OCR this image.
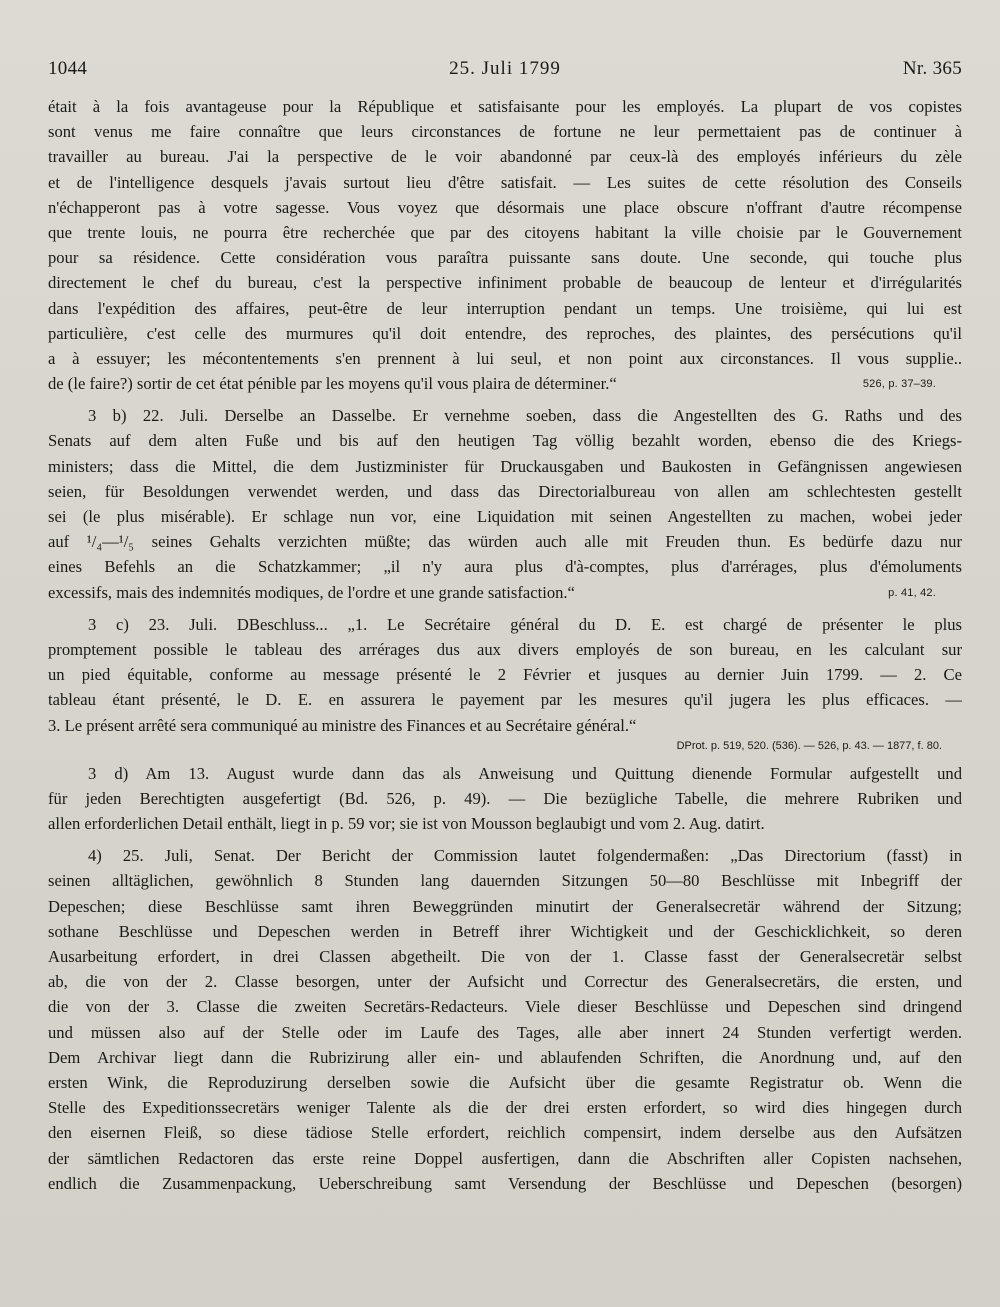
1044	25. Juli 1799	Nr. 365
était à la fois avantageuse pour la République et satisfaisante pour les employés. La plupart de vos copistes
sont venus me faire connaître que leurs circonstances de fortune ne leur permettaient pas de continuer à
travailler au bureau. J'ai la perspective de le voir abandonné par ceux-là des employés inférieurs du zèle
et de l'intelligence desquels j'avais surtout lieu d'être satisfait. — Les suites de cette résolution des Conseils
n'échapperont pas à votre sagesse. Vous voyez que désormais une place obscure n'offrant d'autre récompense
que trente louis, ne pourra être recherchée que par des citoyens habitant la ville choisie par le Gouvernement
pour sa résidence. Cette considération vous paraîtra puissante sans doute. Une seconde, qui touche plus
directement le chef du bureau, c'est la perspective infiniment probable de beaucoup de lenteur et d'irrégularités
dans l'expédition des affaires, peut-être de leur interruption pendant un temps. Une troisième, qui lui est
particulière, c'est celle des murmures qu'il doit entendre, des reproches, des plaintes, des persécutions qu'il
a à essuyer; les mécontentements s'en prennent à lui seul, et non point aux circonstances. Il vous supplie..
de (le faire?) sortir de cet état pénible par les moyens qu'il vous plaira de déterminer.“	526, p. 37–39.
3 b) 22. Juli. Derselbe an Dasselbe. Er vernehme soeben, dass die Angestellten des G. Raths und des
Senats auf dem alten Fuße und bis auf den heutigen Tag völlig bezahlt worden, ebenso die des Kriegs-
ministers; dass die Mittel, die dem Justizminister für Druckausgaben und Baukosten in Gefängnissen angewiesen
seien, für Besoldungen verwendet werden, und dass das Directorialbureau von allen am schlechtesten gestellt
sei (le plus misérable). Er schlage nun vor, eine Liquidation mit seinen Angestellten zu machen, wobei jeder
auf ¹/₄—¹/₅ seines Gehalts verzichten müßte; das würden auch alle mit Freuden thun. Es bedürfe dazu nur
eines Befehls an die Schatzkammer; „il n'y aura plus d'à-comptes, plus d'arrérages, plus d'émoluments
excessifs, mais des indemnités modiques, de l'ordre et une grande satisfaction.“	p. 41, 42.
3 c) 23. Juli. DBeschluss... „1. Le Secrétaire général du D. E. est chargé de présenter le plus
promptement possible le tableau des arrérages dus aux divers employés de son bureau, en les calculant sur
un pied équitable, conforme au message présenté le 2 Février et jusques au dernier Juin 1799. — 2. Ce
tableau étant présenté, le D. E. en assurera le payement par les mesures qu'il jugera les plus efficaces. —
3. Le présent arrêté sera communiqué au ministre des Finances et au Secrétaire général.“
DProt. p. 519, 520. (536). — 526, p. 43. — 1877, f. 80.
3 d) Am 13. August wurde dann das als Anweisung und Quittung dienende Formular aufgestellt und
für jeden Berechtigten ausgefertigt (Bd. 526, p. 49). — Die bezügliche Tabelle, die mehrere Rubriken und
allen erforderlichen Detail enthält, liegt in p. 59 vor; sie ist von Mousson beglaubigt und vom 2. Aug. datirt.
4) 25. Juli, Senat. Der Bericht der Commission lautet folgendermaßen: „Das Directorium (fasst) in
seinen alltäglichen, gewöhnlich 8 Stunden lang dauernden Sitzungen 50—80 Beschlüsse mit Inbegriff der
Depeschen; diese Beschlüsse samt ihren Beweggründen minutirt der Generalsecretär während der Sitzung;
sothane Beschlüsse und Depeschen werden in Betreff ihrer Wichtigkeit und der Geschicklichkeit, so deren
Ausarbeitung erfordert, in drei Classen abgetheilt. Die von der 1. Classe fasst der Generalsecretär selbst
ab, die von der 2. Classe besorgen, unter der Aufsicht und Correctur des Generalsecretärs, die ersten, und
die von der 3. Classe die zweiten Secretärs-Redacteurs. Viele dieser Beschlüsse und Depeschen sind dringend
und müssen also auf der Stelle oder im Laufe des Tages, alle aber innert 24 Stunden verfertigt werden.
Dem Archivar liegt dann die Rubrizirung aller ein- und ablaufenden Schriften, die Anordnung und, auf den
ersten Wink, die Reproduzirung derselben sowie die Aufsicht über die gesamte Registratur ob. Wenn die
Stelle des Expeditionssecretärs weniger Talente als die der drei ersten erfordert, so wird dies hingegen durch
den eisernen Fleiß, so diese tädiose Stelle erfordert, reichlich compensirt, indem derselbe aus den Aufsätzen
der sämtlichen Redactoren das erste reine Doppel ausfertigen, dann die Abschriften aller Copisten nachsehen,
endlich die Zusammenpackung, Ueberschreibung samt Versendung der Beschlüsse und Depeschen (besorgen)
